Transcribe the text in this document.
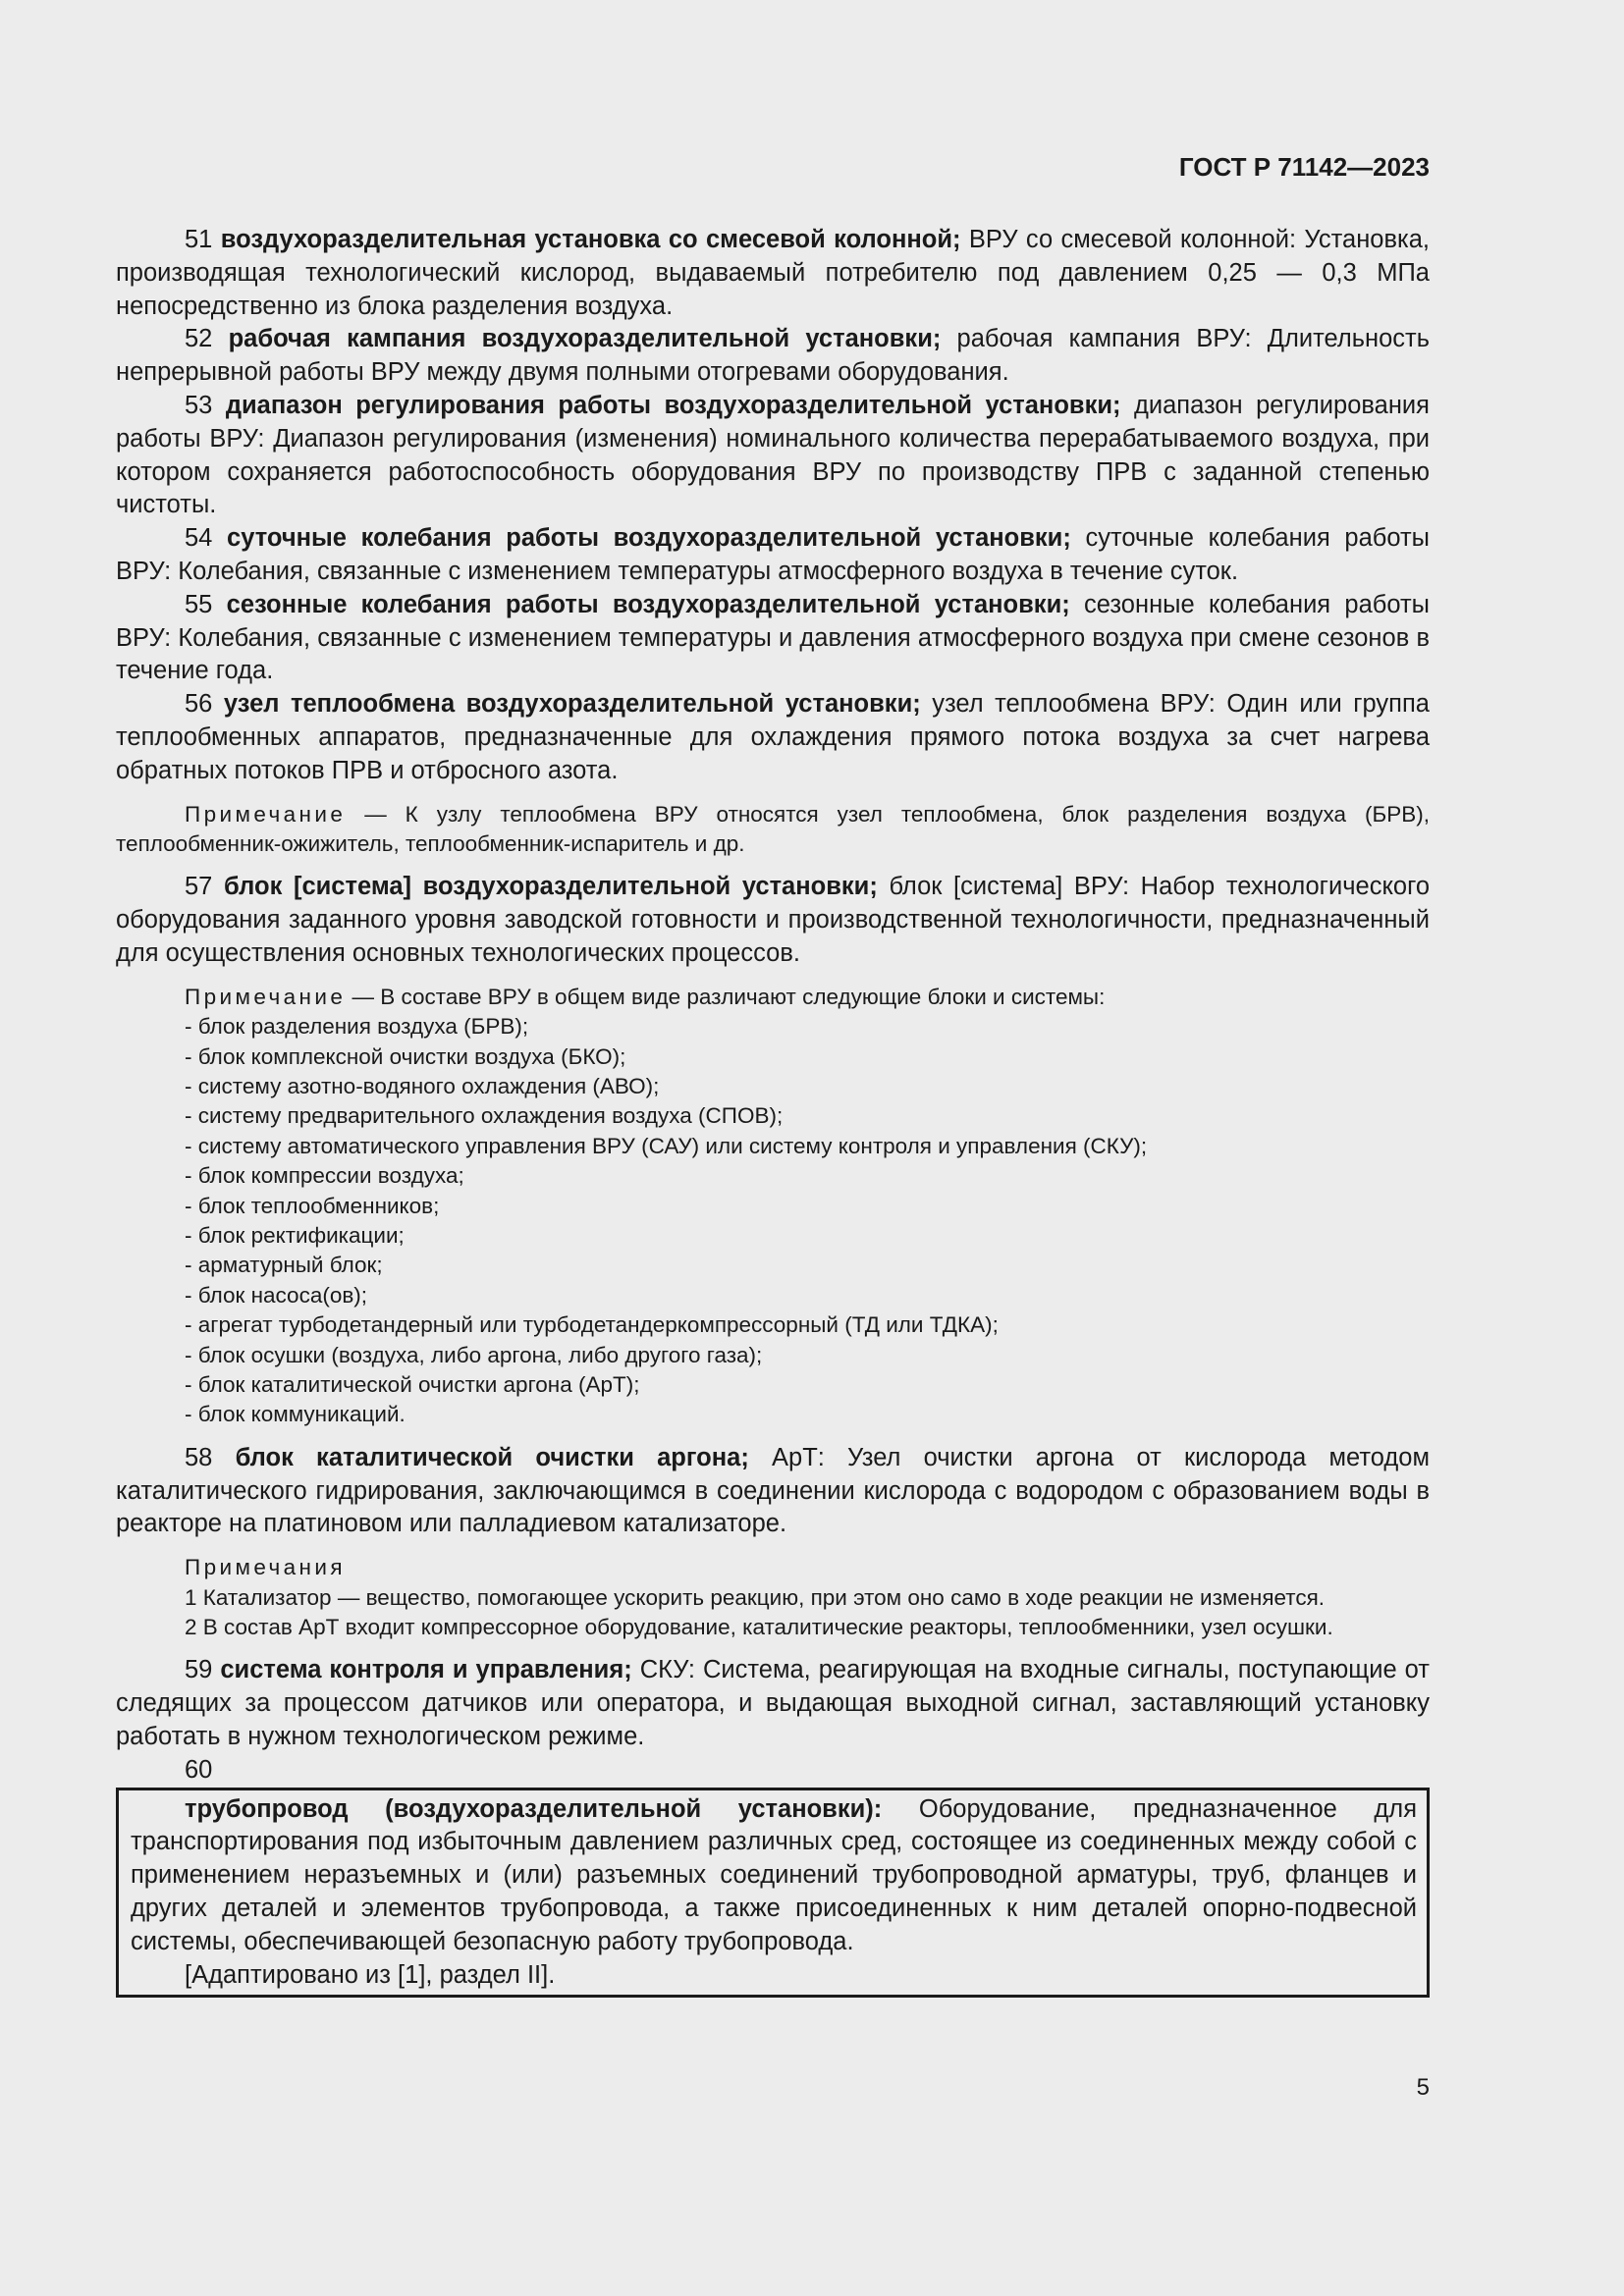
ГОСТ Р 71142—2023

51 воздухоразделительная установка со смесевой колонной; ВРУ со смесевой колонной: Установка, производящая технологический кислород, выдаваемый потребителю под давлением 0,25 — 0,3 МПа непосредственно из блока разделения воздуха.

52 рабочая кампания воздухоразделительной установки; рабочая кампания ВРУ: Длительность непрерывной работы ВРУ между двумя полными отогревами оборудования.

53 диапазон регулирования работы воздухоразделительной установки; диапазон регулирования работы ВРУ: Диапазон регулирования (изменения) номинального количества перерабатываемого воздуха, при котором сохраняется работоспособность оборудования ВРУ по производству ПРВ с заданной степенью чистоты.

54 суточные колебания работы воздухоразделительной установки; суточные колебания работы ВРУ: Колебания, связанные с изменением температуры атмосферного воздуха в течение суток.

55 сезонные колебания работы воздухоразделительной установки; сезонные колебания работы ВРУ: Колебания, связанные с изменением температуры и давления атмосферного воздуха при смене сезонов в течение года.

56 узел теплообмена воздухоразделительной установки; узел теплообмена ВРУ: Один или группа теплообменных аппаратов, предназначенные для охлаждения прямого потока воздуха за счет нагрева обратных потоков ПРВ и отбросного азота.

Примечание — К узлу теплообмена ВРУ относятся узел теплообмена, блок разделения воздуха (БРВ), теплообменник-ожижитель, теплообменник-испаритель и др.

57 блок [система] воздухоразделительной установки; блок [система] ВРУ: Набор технологического оборудования заданного уровня заводской готовности и производственной технологичности, предназначенный для осуществления основных технологических процессов.

Примечание — В составе ВРУ в общем виде различают следующие блоки и системы:
- блок разделения воздуха (БРВ);
- блок комплексной очистки воздуха (БКО);
- систему азотно-водяного охлаждения (АВО);
- систему предварительного охлаждения воздуха (СПОВ);
- систему автоматического управления ВРУ (САУ) или систему контроля и управления (СКУ);
- блок компрессии воздуха;
- блок теплообменников;
- блок ректификации;
- арматурный блок;
- блок насоса(ов);
- агрегат турбодетандерный или турбодетандеркомпрессорный (ТД или ТДКА);
- блок осушки (воздуха, либо аргона, либо другого газа);
- блок каталитической очистки аргона (АрТ);
- блок коммуникаций.

58 блок каталитической очистки аргона; АрТ: Узел очистки аргона от кислорода методом каталитического гидрирования, заключающимся в соединении кислорода с водородом с образованием воды в реакторе на платиновом или палладиевом катализаторе.

Примечания
1 Катализатор — вещество, помогающее ускорить реакцию, при этом оно само в ходе реакции не изменяется.
2 В состав АрТ входит компрессорное оборудование, каталитические реакторы, теплообменники, узел осушки.

59 система контроля и управления; СКУ: Система, реагирующая на входные сигналы, поступающие от следящих за процессом датчиков или оператора, и выдающая выходной сигнал, заставляющий установку работать в нужном технологическом режиме.

60

трубопровод (воздухоразделительной установки): Оборудование, предназначенное для транспортирования под избыточным давлением различных сред, состоящее из соединенных между собой с применением неразъемных и (или) разъемных соединений трубопроводной арматуры, труб, фланцев и других деталей и элементов трубопровода, а также присоединенных к ним деталей опорно-подвесной системы, обеспечивающей безопасную работу трубопровода.

[Адаптировано из [1], раздел II].

5
